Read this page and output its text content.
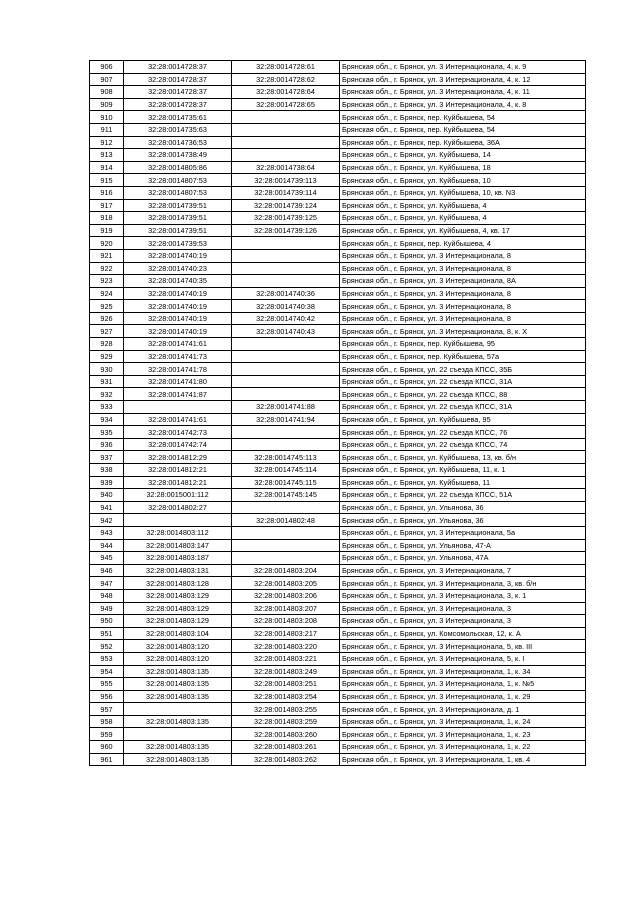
906	32:28:0014728:37	32:28:0014728:61	Брянская обл., г. Брянск, ул. 3 Интернационала, 4, к. 9
907	32:28:0014728:37	32:28:0014728:62	Брянская обл., г. Брянск, ул. 3 Интернационала, 4, к. 12
908	32:28:0014728:37	32:28:0014728:64	Брянская обл., г. Брянск, ул. 3 Интернационала, 4, к. 11
909	32:28:0014728:37	32:28:0014728:65	Брянская обл., г. Брянск, ул. 3 Интернационала, 4, к. 8
910	32:28:0014735:61		Брянская обл., г. Брянск, пер. Куйбышева, 54
911	32:28:0014735:63		Брянская обл., г. Брянск, пер. Куйбышева, 54
912	32:28:0014736:53		Брянская обл., г. Брянск, пер. Куйбышева, 36А
913	32:28:0014738:49		Брянская обл., г. Брянск, ул. Куйбышева, 14
914	32:28:0014805:86	32:28:0014738:64	Брянская обл., г. Брянск, ул. Куйбышева, 18
915	32:28:0014807:53	32:28:0014739:113	Брянская обл., г. Брянск, ул. Куйбышева, 10
916	32:28:0014807:53	32:28:0014739:114	Брянская обл., г. Брянск, ул. Куйбышева, 10, кв. N3
917	32:28:0014739:51	32:28:0014739:124	Брянская обл., г. Брянск, ул. Куйбышева, 4
918	32:28:0014739:51	32:28:0014739:125	Брянская обл., г. Брянск, ул. Куйбышева, 4
919	32:28:0014739:51	32:28:0014739:126	Брянская обл., г. Брянск, ул. Куйбышева, 4, кв. 17
920	32:28:0014739:53		Брянская обл., г. Брянск, пер. Куйбышева, 4
921	32:28:0014740:19		Брянская обл., г. Брянск, ул. 3 Интернационала, 8
922	32:28:0014740:23		Брянская обл., г. Брянск, ул. 3 Интернационала, 8
923	32:28:0014740:35		Брянская обл., г. Брянск, ул. 3 Интернационала, 8А
924	32:28:0014740:19	32:28:0014740:36	Брянская обл., г. Брянск, ул. 3 Интернационала, 8
925	32:28:0014740:19	32:28:0014740:38	Брянская обл., г. Брянск, ул. 3 Интернационала, 8
926	32:28:0014740:19	32:28:0014740:42	Брянская обл., г. Брянск, ул. 3 Интернационала, 8
927	32:28:0014740:19	32:28:0014740:43	Брянская обл., г. Брянск, ул. 3 Интернационала, 8, к. Х
928	32:28:0014741:61		Брянская обл., г. Брянск, пер. Куйбышева, 95
929	32:28:0014741:73		Брянская обл., г. Брянск, пер. Куйбышева, 57а
930	32:28:0014741:78		Брянская обл., г. Брянск, ул. 22 съезда КПСС, 35Б
931	32:28:0014741:80		Брянская обл., г. Брянск, ул. 22 съезда КПСС, 31А
932	32:28:0014741:87		Брянская обл., г. Брянск, ул. 22 съезда КПСС, 88
933		32:28:0014741:88	Брянская обл., г. Брянск, ул. 22 съезда КПСС, 31А
934	32:28:0014741:61	32:28:0014741:94	Брянская обл., г. Брянск, ул. Куйбышева, 95
935	32:28:0014742:73		Брянская обл., г. Брянск, ул. 22 съезда КПСС, 76
936	32:28:0014742:74		Брянская обл., г. Брянск, ул. 22 съезда КПСС, 74
937	32:28:0014812:29	32:28:0014745:113	Брянская обл., г. Брянск, ул. Куйбышева, 13, кв. б/н
938	32:28:0014812:21	32:28:0014745:114	Брянская обл., г. Брянск, ул. Куйбышева, 11, к. 1
939	32:28:0014812:21	32:28:0014745:115	Брянская обл., г. Брянск, ул. Куйбышева, 11
940	32:28:0015001:112	32:28:0014745:145	Брянская обл., г. Брянск, ул. 22 съезда КПСС, 51А
941	32:28:0014802:27		Брянская обл., г. Брянск, ул. Ульянова, 36
942		32:28:0014802:48	Брянская обл., г. Брянск, ул. Ульянова, 36
943	32:28:0014803:112		Брянская обл., г. Брянск, ул. 3 Интернационала, 5а
944	32:28:0014803:147		Брянская обл., г. Брянск, ул. Ульянова, 47-А
945	32:28:0014803:187		Брянская обл., г. Брянск, ул. Ульянова, 47А
946	32:28:0014803:131	32:28:0014803:204	Брянская обл., г. Брянск, ул. 3 Интернационала, 7
947	32:28:0014803:128	32:28:0014803:205	Брянская обл., г. Брянск, ул. 3 Интернационала, 3, кв. б/н
948	32:28:0014803:129	32:28:0014803:206	Брянская обл., г. Брянск, ул. 3 Интернационала, 3, к. 1
949	32:28:0014803:129	32:28:0014803:207	Брянская обл., г. Брянск, ул. 3 Интернационала, 3
950	32:28:0014803:129	32:28:0014803:208	Брянская обл., г. Брянск, ул. 3 Интернационала, 3
951	32:28:0014803:104	32:28:0014803:217	Брянская обл., г. Брянск, ул. Комсомольская, 12, к. А
952	32:28:0014803:120	32:28:0014803:220	Брянская обл., г. Брянск, ул. 3 Интернационала, 5, кв. III
953	32:28:0014803:120	32:28:0014803:221	Брянская обл., г. Брянск, ул. 3 Интернационала, 5, к. I
954	32:28:0014803:135	32:28:0014803:249	Брянская обл., г. Брянск, ул. 3 Интернационала, 1, к. 34
955	32:28:0014803:135	32:28:0014803:251	Брянская обл., г. Брянск, ул. 3 Интернационала, 1, к. №5
956	32:28:0014803:135	32:28:0014803:254	Брянская обл., г. Брянск, ул. 3 Интернационала, 1, к. 29
957		32:28:0014803:255	Брянская обл., г. Брянск, ул. 3 Интернационала, д. 1
958	32:28:0014803:135	32:28:0014803:259	Брянская обл., г. Брянск, ул. 3 Интернационала, 1, к. 24
959		32:28:0014803:260	Брянская обл., г. Брянск, ул. 3 Интернационала, 1, к. 23
960	32:28:0014803:135	32:28:0014803:261	Брянская обл., г. Брянск, ул. 3 Интернационала, 1, к. 22
961	32:28:0014803:135	32:28:0014803:262	Брянская обл., г. Брянск, ул. 3 Интернационала, 1, кв. 4
